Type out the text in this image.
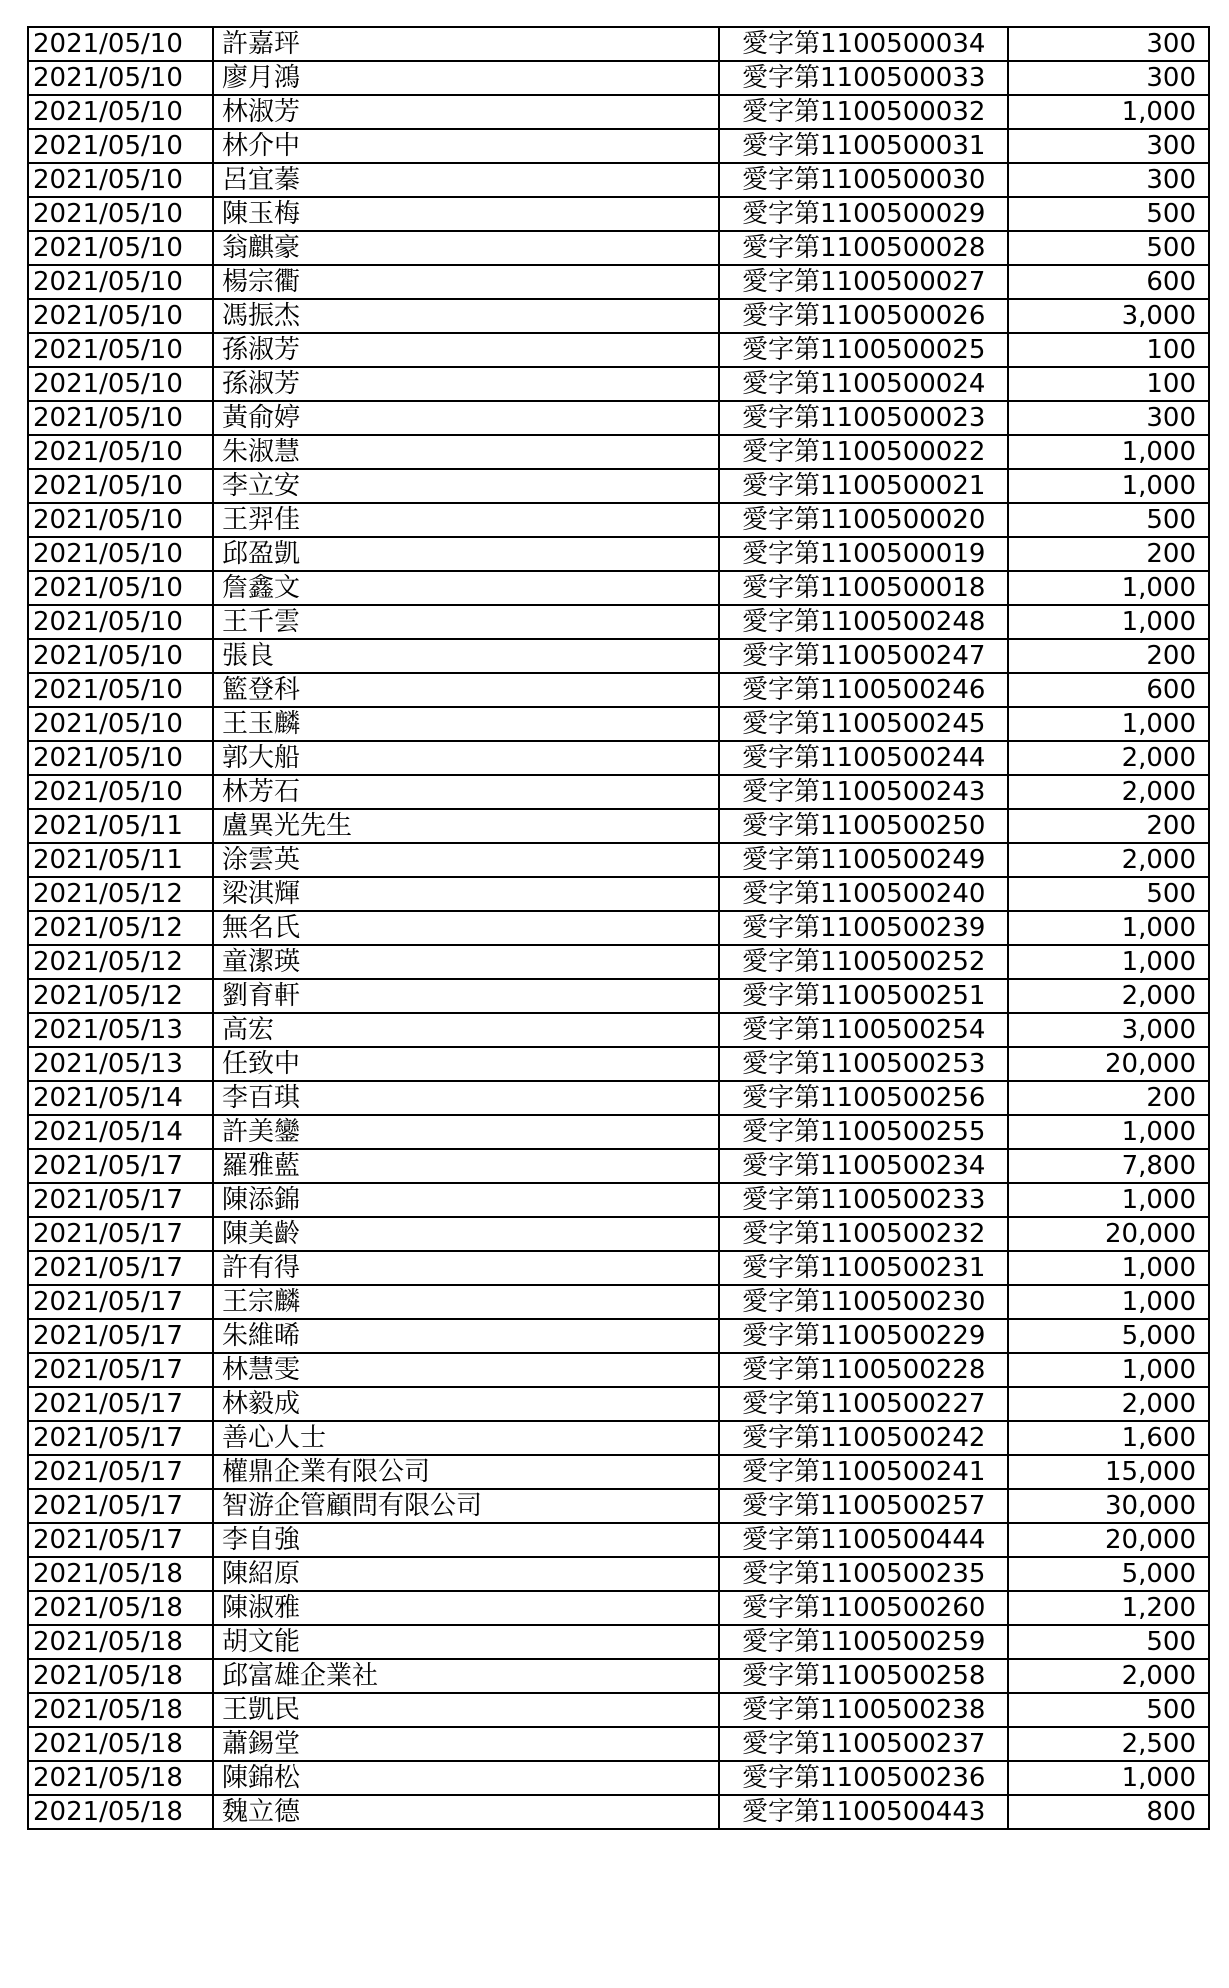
2021/05/10	許嘉玶	愛字第1100500034	300
2021/05/10	廖月鴻	愛字第1100500033	300
2021/05/10	林淑芳	愛字第1100500032	1,000
2021/05/10	林介中	愛字第1100500031	300
2021/05/10	呂宜蓁	愛字第1100500030	300
2021/05/10	陳玉梅	愛字第1100500029	500
2021/05/10	翁麒豪	愛字第1100500028	500
2021/05/10	楊宗衢	愛字第1100500027	600
2021/05/10	馮振杰	愛字第1100500026	3,000
2021/05/10	孫淑芳	愛字第1100500025	100
2021/05/10	孫淑芳	愛字第1100500024	100
2021/05/10	黃俞婷	愛字第1100500023	300
2021/05/10	朱淑慧	愛字第1100500022	1,000
2021/05/10	李立安	愛字第1100500021	1,000
2021/05/10	王羿佳	愛字第1100500020	500
2021/05/10	邱盈凱	愛字第1100500019	200
2021/05/10	詹鑫文	愛字第1100500018	1,000
2021/05/10	王千雲	愛字第1100500248	1,000
2021/05/10	張良	愛字第1100500247	200
2021/05/10	籃登科	愛字第1100500246	600
2021/05/10	王玉麟	愛字第1100500245	1,000
2021/05/10	郭大船	愛字第1100500244	2,000
2021/05/10	林芳石	愛字第1100500243	2,000
2021/05/11	盧異光先生	愛字第1100500250	200
2021/05/11	涂雲英	愛字第1100500249	2,000
2021/05/12	梁淇輝	愛字第1100500240	500
2021/05/12	無名氏	愛字第1100500239	1,000
2021/05/12	童潔瑛	愛字第1100500252	1,000
2021/05/12	劉育軒	愛字第1100500251	2,000
2021/05/13	高宏	愛字第1100500254	3,000
2021/05/13	任致中	愛字第1100500253	20,000
2021/05/14	李百琪	愛字第1100500256	200
2021/05/14	許美鑾	愛字第1100500255	1,000
2021/05/17	羅雅藍	愛字第1100500234	7,800
2021/05/17	陳添錦	愛字第1100500233	1,000
2021/05/17	陳美齡	愛字第1100500232	20,000
2021/05/17	許有得	愛字第1100500231	1,000
2021/05/17	王宗麟	愛字第1100500230	1,000
2021/05/17	朱維晞	愛字第1100500229	5,000
2021/05/17	林慧雯	愛字第1100500228	1,000
2021/05/17	林毅成	愛字第1100500227	2,000
2021/05/17	善心人士	愛字第1100500242	1,600
2021/05/17	權鼎企業有限公司	愛字第1100500241	15,000
2021/05/17	智游企管顧問有限公司	愛字第1100500257	30,000
2021/05/17	李自強	愛字第1100500444	20,000
2021/05/18	陳紹原	愛字第1100500235	5,000
2021/05/18	陳淑雅	愛字第1100500260	1,200
2021/05/18	胡文能	愛字第1100500259	500
2021/05/18	邱富雄企業社	愛字第1100500258	2,000
2021/05/18	王凱民	愛字第1100500238	500
2021/05/18	蕭錫堂	愛字第1100500237	2,500
2021/05/18	陳錦松	愛字第1100500236	1,000
2021/05/18	魏立德	愛字第1100500443	800
